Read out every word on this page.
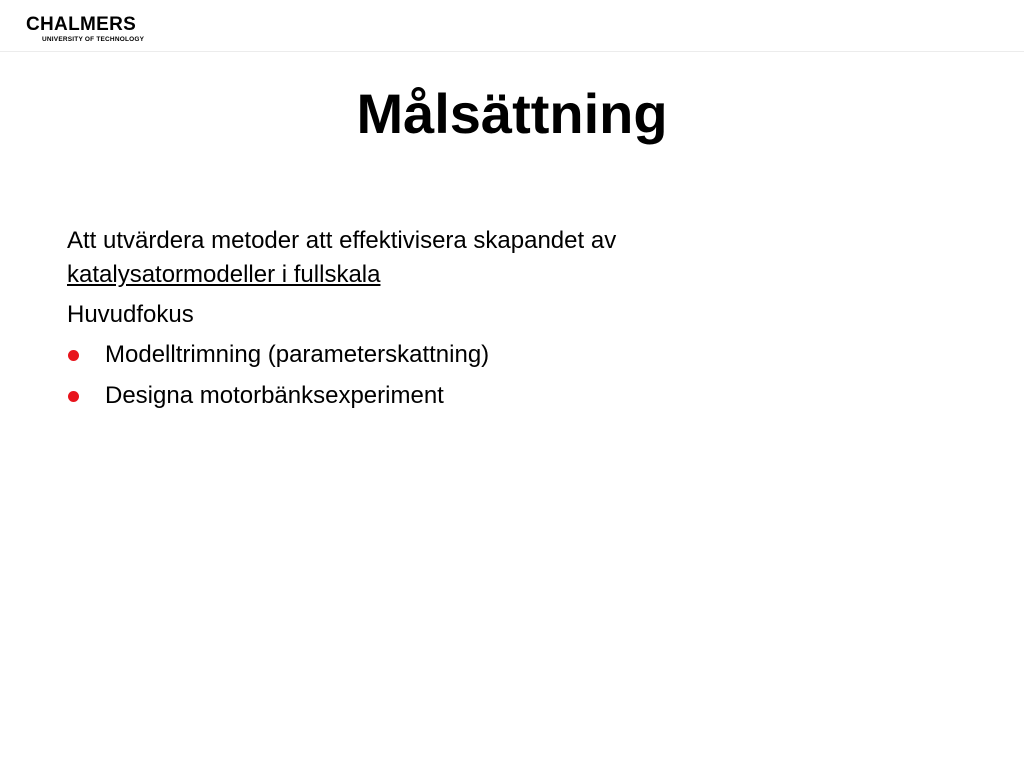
CHALMERS
UNIVERSITY OF TECHNOLOGY
Målsättning

Att utvärdera metoder att effektivisera skapandet av
katalysatormodeller i fullskala

Huvudfokus

Modelltrimning (parameterskattning)
Designa motorbänksexperiment
